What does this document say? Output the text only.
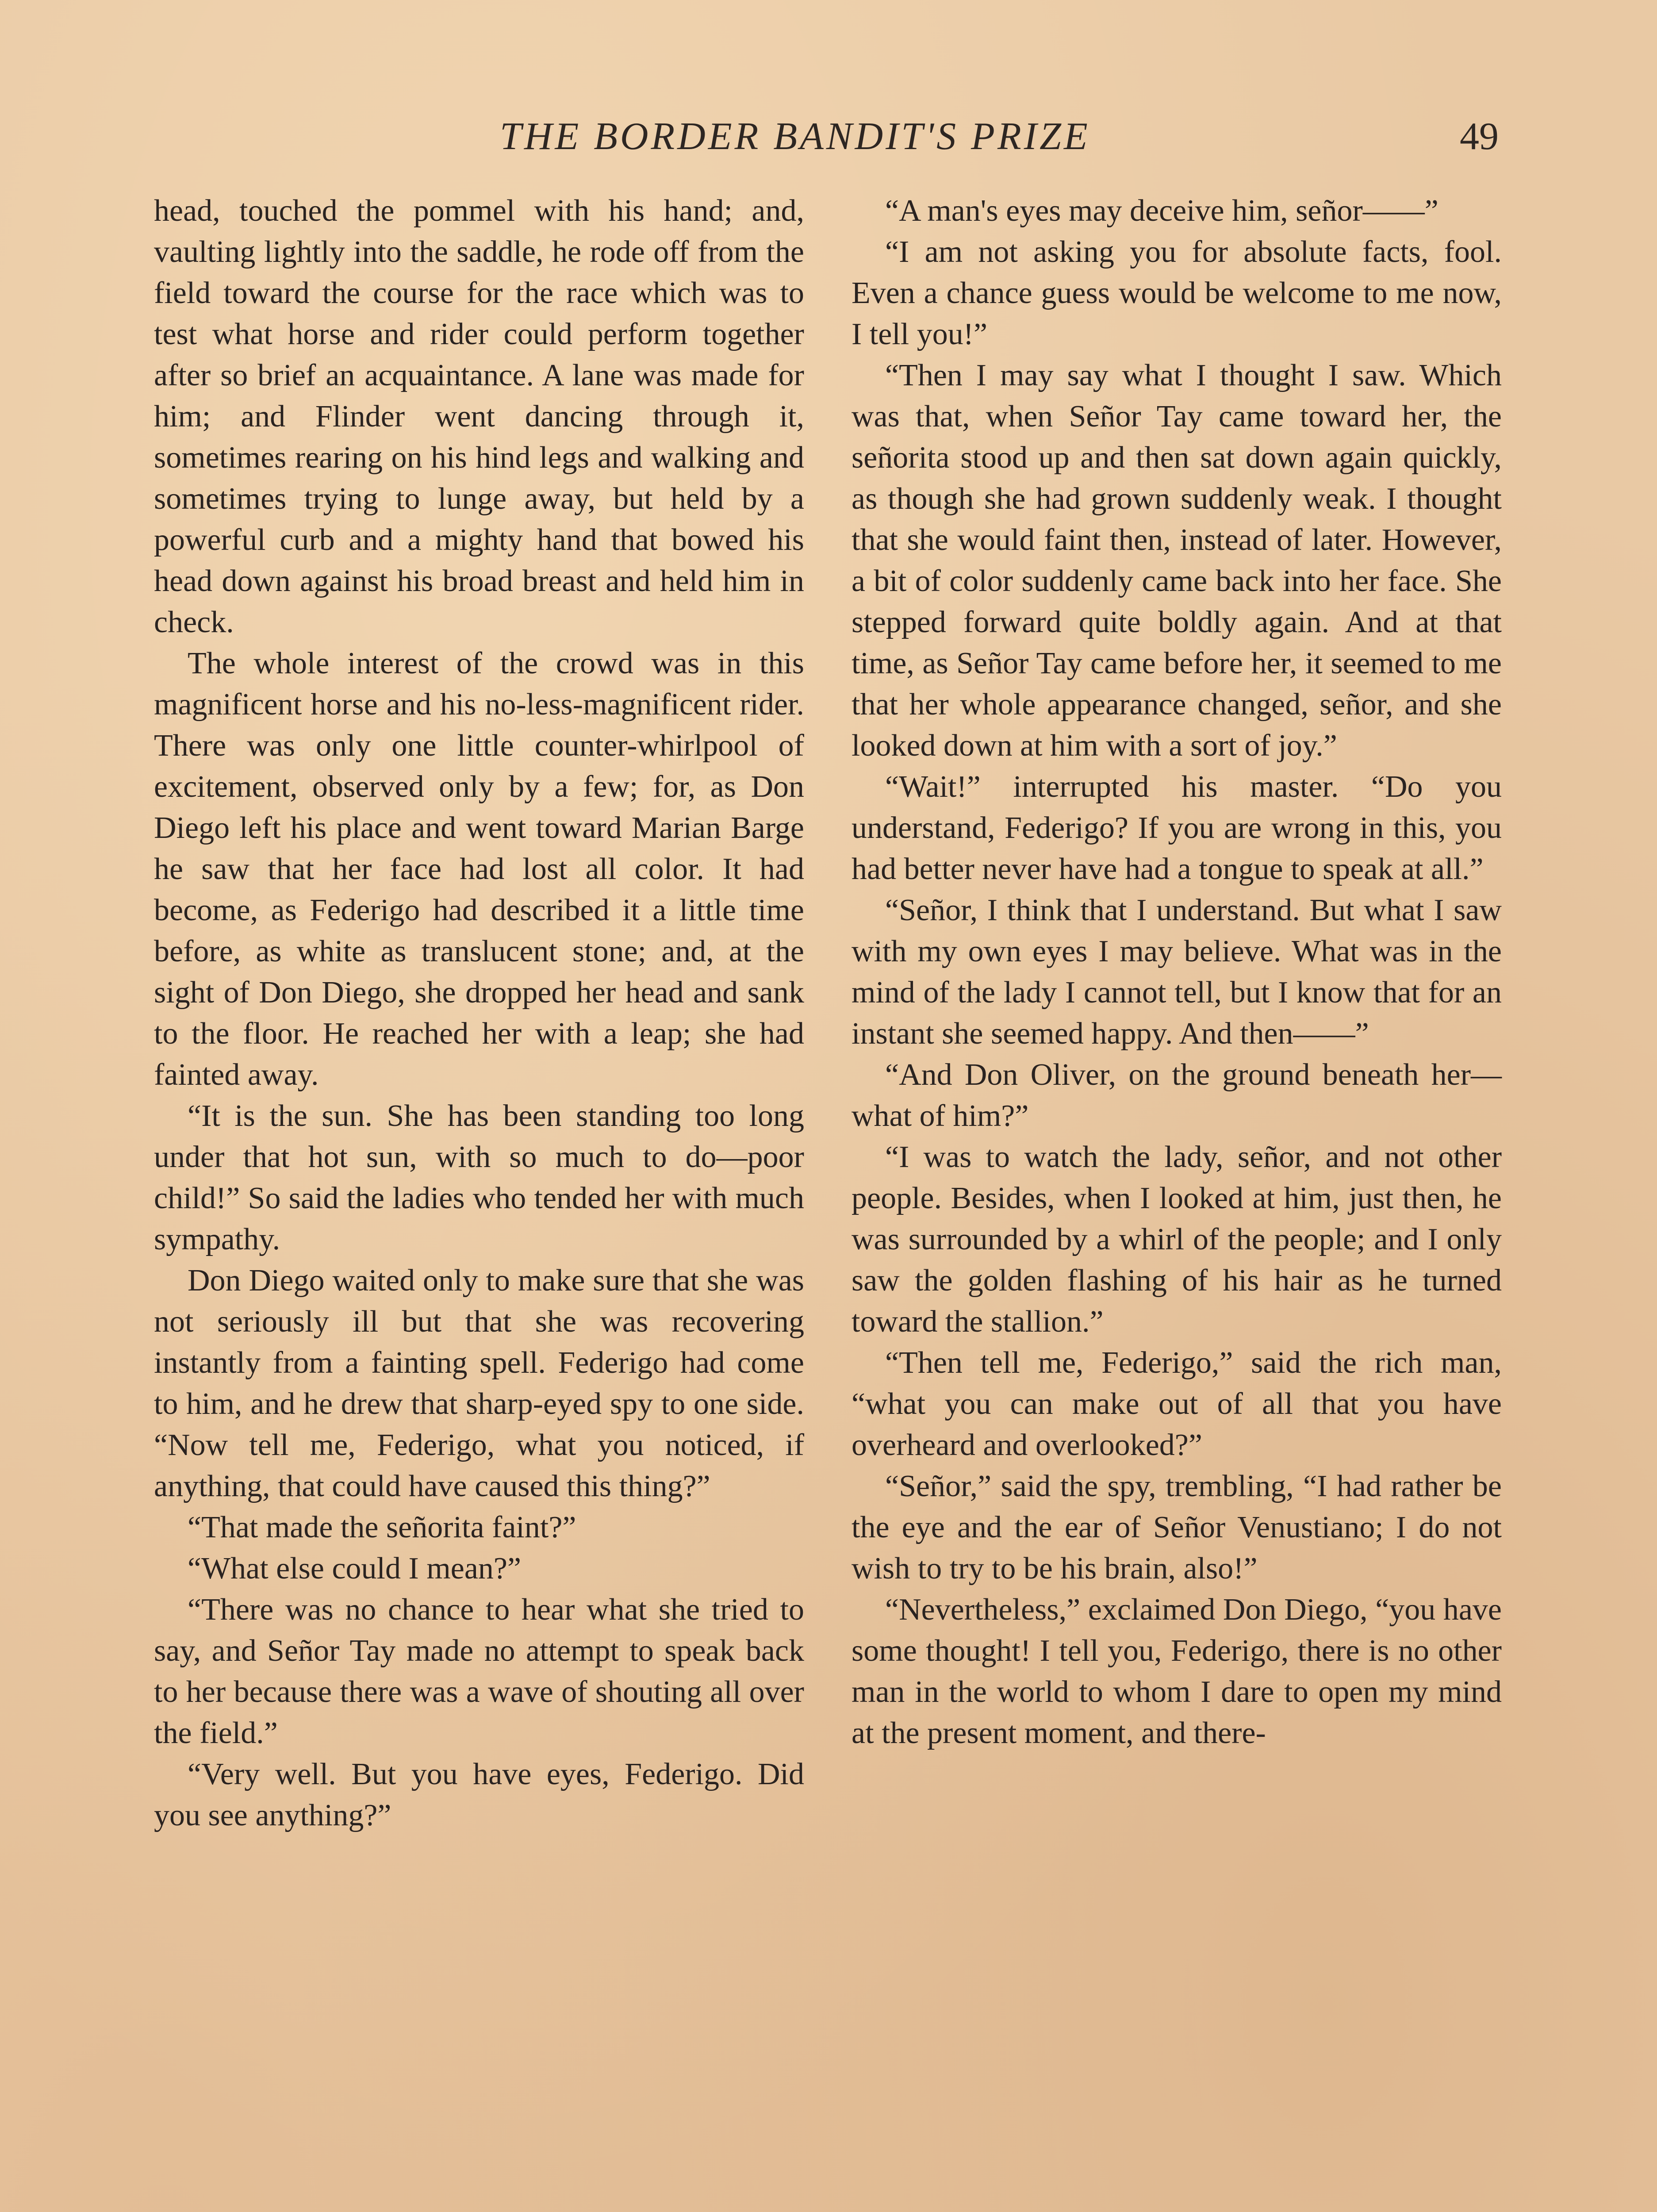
THE BORDER BANDIT'S PRIZE	49

head, touched the pommel with his hand; and, vaulting lightly into the saddle, he rode off from the field toward the course for the race which was to test what horse and rider could perform together after so brief an acquaintance. A lane was made for him; and Flinder went dancing through it, sometimes rearing on his hind legs and walking and sometimes trying to lunge away, but held by a powerful curb and a mighty hand that bowed his head down against his broad breast and held him in check.

The whole interest of the crowd was in this magnificent horse and his no-less-magnificent rider. There was only one little counter-whirlpool of excitement, observed only by a few; for, as Don Diego left his place and went toward Marian Barge he saw that her face had lost all color. It had become, as Federigo had described it a little time before, as white as translucent stone; and, at the sight of Don Diego, she dropped her head and sank to the floor. He reached her with a leap; she had fainted away.

“It is the sun. She has been standing too long under that hot sun, with so much to do—poor child!” So said the ladies who tended her with much sympathy.

Don Diego waited only to make sure that she was not seriously ill but that she was recovering instantly from a fainting spell. Federigo had come to him, and he drew that sharp-eyed spy to one side. “Now tell me, Federigo, what you noticed, if anything, that could have caused this thing?”

“That made the señorita faint?”

“What else could I mean?”

“There was no chance to hear what she tried to say, and Señor Tay made no attempt to speak back to her because there was a wave of shouting all over the field.”

“Very well. But you have eyes, Federigo. Did you see anything?”

“A man's eyes may deceive him, señor——”

“I am not asking you for absolute facts, fool. Even a chance guess would be welcome to me now, I tell you!”

“Then I may say what I thought I saw. Which was that, when Señor Tay came toward her, the señorita stood up and then sat down again quickly, as though she had grown suddenly weak. I thought that she would faint then, instead of later. However, a bit of color suddenly came back into her face. She stepped forward quite boldly again. And at that time, as Señor Tay came before her, it seemed to me that her whole appearance changed, señor, and she looked down at him with a sort of joy.”

“Wait!” interrupted his master. “Do you understand, Federigo? If you are wrong in this, you had better never have had a tongue to speak at all.”

“Señor, I think that I understand. But what I saw with my own eyes I may believe. What was in the mind of the lady I cannot tell, but I know that for an instant she seemed happy. And then——”

“And Don Oliver, on the ground beneath her—what of him?”

“I was to watch the lady, señor, and not other people. Besides, when I looked at him, just then, he was surrounded by a whirl of the people; and I only saw the golden flashing of his hair as he turned toward the stallion.”

“Then tell me, Federigo,” said the rich man, “what you can make out of all that you have overheard and overlooked?”

“Señor,” said the spy, trembling, “I had rather be the eye and the ear of Señor Venustiano; I do not wish to try to be his brain, also!”

“Nevertheless,” exclaimed Don Diego, “you have some thought! I tell you, Federigo, there is no other man in the world to whom I dare to open my mind at the present moment, and there-
